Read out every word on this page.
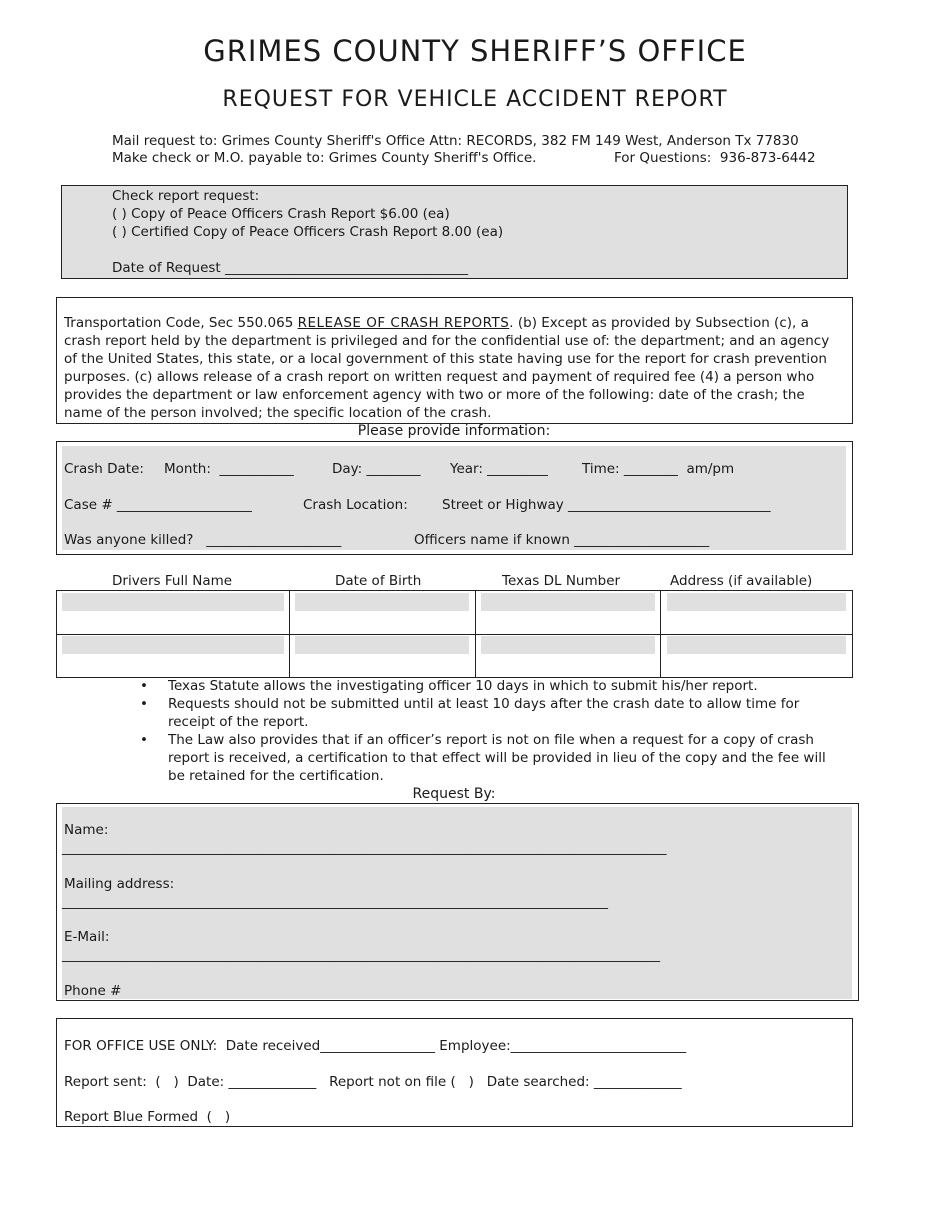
GRIMES COUNTY SHERIFF’S OFFICE
REQUEST FOR VEHICLE ACCIDENT REPORT
Mail request to: Grimes County Sheriff's Office Attn: RECORDS, 382 FM 149 West, Anderson Tx 77830
Make check or M.O. payable to: Grimes County Sheriff's Office.	For Questions:  936-873-6442
Check report request:
( ) Copy of Peace Officers Crash Report $6.00 (ea)
( ) Certified Copy of Peace Officers Crash Report 8.00 (ea)
Date of Request ____________________________________
Transportation Code, Sec 550.065 RELEASE OF CRASH REPORTS. (b) Except as provided by Subsection (c), a crash report held by the department is privileged and for the confidential use of: the department; and an agency of the United States, this state, or a local government of this state having use for the report for crash prevention purposes. (c) allows release of a crash report on written request and payment of required fee (4) a person who provides the department or law enforcement agency with two or more of the following: date of the crash; the name of the person involved; the specific location of the crash.
Please provide information:
Crash Date: Month:  ___________	Day: ________ Year: _________	Time: ________  am/pm
Case # ____________________	Crash Location:	Street or Highway ______________________________
Was anyone killed?   ____________________	Officers name if known ____________________
Drivers Full Name	Date of Birth	Texas DL Number	Address (if available)
• Texas Statute allows the investigating officer 10 days in which to submit his/her report.
• Requests should not be submitted until at least 10 days after the crash date to allow time for receipt of the report.
• The Law also provides that if an officer’s report is not on file when a request for a copy of crash report is received, a certification to that effect will be provided in lieu of the copy and the fee will be retained for the certification.
Request By:
Name:
_____________________________________________________________________________________________
Mailing address:
____________________________________________________________________________________
E-Mail:
____________________________________________________________________________________________
Phone #
FOR OFFICE USE ONLY:  Date received_________________ Employee:__________________________
Report sent:  (   )  Date: _____________   Report not on file (   )   Date searched: _____________
Report Blue Formed  (   )
